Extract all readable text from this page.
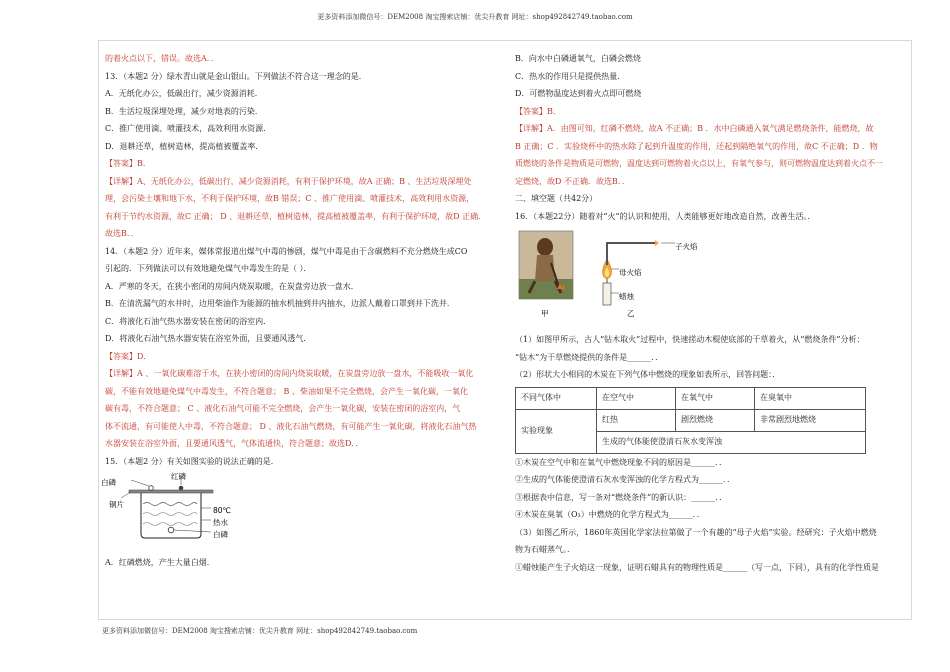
更多资料添加微信号：DEM2008 淘宝搜索店铺：优尖升教育 网址：shop492842749.taobao.com
的着火点以下，错误。故选A．．
13．（本题2 分）绿水青山就是金山银山。下列做法不符合这一理念的是．
A．无纸化办公，低碳出行，减少资源消耗．
B．生活垃圾深埋处理，减少对地表的污染．
C．推广使用滴、喷灌技术，高效利用水资源．
D．退耕还草，植树造林，提高植被覆盖率．
【答案】B．
【详解】A、无纸化办公，低碳出行，减少资源消耗，有利于保护环境，故A 正确；B 、生活垃圾深埋处
理，会污染土壤和地下水，不利于保护环境，故B 错误；C 、推广使用滴、喷灌技术，高效利用水资源，
有利于节约水资源，故C 正确； D 、退耕还草，植树造林，提高植被覆盖率，有利于保护环境，故D 正确．
故选B．．
14．（本题2 分）近年来，媒体常报道出煤气中毒的惨剧，煤气中毒是由于含碳燃料不充分燃烧生成CO
引起的．下列做法可以有效地避免煤气中毒发生的是（ ）．
A．严寒的冬天，在狭小密闭的房间内烧炭取暖，在炭盘旁边放一盘水．
B．在清洗漏气的水井时，边用柴油作为能源的抽水机抽到井内抽水，边派人戴着口罩到井下洗井．
C．将液化石油气热水器安装在密闭的浴室内．
D．将液化石油气热水器安装在浴室外面，且要通风透气．
【答案】D．
【详解】A 、一氧化碳难溶于水，在狭小密闭的房间内烧炭取暖，在炭盘旁边放一盘水，不能吸收一氧化
碳，不能有效地避免煤气中毒发生，不符合题意； B 、柴油如果不完全燃烧，会产生一氧化碳，一氧化
碳有毒，不符合题意； C 、液化石油气可能不完全燃烧，会产生一氧化碳，安装在密闭的浴室内，气
体不流通，有可能使人中毒，不符合题意； D 、液化石油气燃烧，有可能产生一氧化碳，将液化石油气热
水器安装在浴室外面，且要通风透气，气体流通快，符合题意；故选D．．
15．（本题2 分）有关如图实验的说法正确的是．
红磷
白磷
铜片
80℃
热水
白磷
A．红磷燃烧，产生大量白烟．
B．向水中白磷通氧气，白磷会燃烧
C．热水的作用只是提供热量．
D．可燃物温度达到着火点即可燃烧
【答案】B．
【详解】A．由图可知，红磷不燃烧，故A 不正确；B ．水中白磷通入氧气满足燃烧条件，能燃烧，故
B 正确；C ．实验烧杯中的热水除了起到升温度的作用，还起到隔绝氧气的作用，故C 不正确；D ．物
质燃烧的条件是物质是可燃物，温度达到可燃物着火点以上，有氧气参与，则可燃物温度达到着火点不一
定燃烧，故D 不正确．故选B．．
二、填空题（共42分）
16．（本题22分）随着对“火”的认识和使用，人类能够更好地改造自然，改善生活。．
子火焰
母火焰
蜡烛
甲	乙
（1）如图甲所示，古人“钻木取火”过程中，快速搓动木棍使底部的干草着火，从“燃烧条件”分析：
“钻木”为干草燃烧提供的条件是______．．
（2）形状大小相同的木炭在下列气体中燃烧的现象如表所示，回答问题：．
不同气体中	在空气中	在氧气中	在臭氧中
实验现象	红热	剧烈燃烧	非常剧烈地燃烧
	生成的气体能使澄清石灰水变浑浊		
①木炭在空气中和在氧气中燃烧现象不同的原因是______．．
②生成的气体能使澄清石灰水变浑浊的化学方程式为______．．
③根据表中信息，写一条对“燃烧条件”的新认识：______．．
④木炭在臭氧（O₃）中燃烧的化学方程式为______．．
（3）如图乙所示，1860年英国化学家法拉第做了一个有趣的“母子火焰”实验。经研究：子火焰中燃烧
物为石蜡蒸气。．
①蜡烛能产生子火焰这一现象，证明石蜡具有的物理性质是______（写一点，下同），具有的化学性质是
更多资料添加微信号：DEM2008 淘宝搜索店铺：优尖升教育 网址：shop492842749.taobao.com
